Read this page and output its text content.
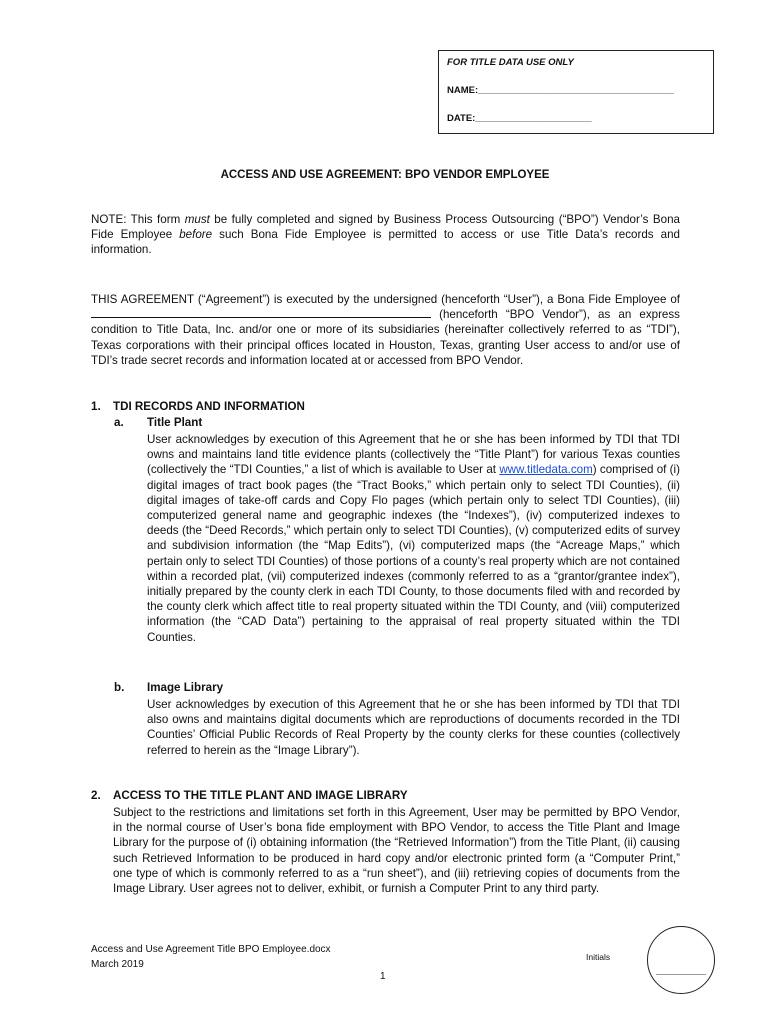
FOR TITLE DATA USE ONLY
NAME:_____________________________________
DATE:______________________
ACCESS AND USE AGREEMENT: BPO VENDOR EMPLOYEE
NOTE: This form must be fully completed and signed by Business Process Outsourcing (“BPO”) Vendor’s Bona Fide Employee before such Bona Fide Employee is permitted to access or use Title Data’s records and information.
THIS AGREEMENT (“Agreement”) is executed by the undersigned (henceforth “User”), a Bona Fide Employee of  (henceforth “BPO Vendor”), as an express condition to Title Data, Inc. and/or one or more of its subsidiaries (hereinafter collectively referred to as “TDI”), Texas corporations with their principal offices located in Houston, Texas, granting User access to and/or use of TDI’s trade secret records and information located at or accessed from BPO Vendor.
1. TDI RECORDS AND INFORMATION
a. Title Plant
User acknowledges by execution of this Agreement that he or she has been informed by TDI that TDI owns and maintains land title evidence plants (collectively the “Title Plant”) for various Texas counties (collectively the “TDI Counties,” a list of which is available to User at www.titledata.com) comprised of (i) digital images of tract book pages (the “Tract Books,” which pertain only to select TDI Counties), (ii) digital images of take-off cards and Copy Flo pages (which pertain only to select TDI Counties), (iii) computerized general name and geographic indexes (the “Indexes”), (iv) computerized indexes to deeds (the “Deed Records,” which pertain only to select TDI Counties), (v) computerized edits of survey and subdivision information (the “Map Edits”), (vi) computerized maps (the “Acreage Maps,” which pertain only to select TDI Counties) of those portions of a county’s real property which are not contained within a recorded plat, (vii) computerized indexes (commonly referred to as a “grantor/grantee index”), initially prepared by the county clerk in each TDI County, to those documents filed with and recorded by the county clerk which affect title to real property situated within the TDI County, and (viii) computerized information (the “CAD Data”) pertaining to the appraisal of real property situated within the TDI Counties.
b. Image Library
User acknowledges by execution of this Agreement that he or she has been informed by TDI that TDI also owns and maintains digital documents which are reproductions of documents recorded in the TDI Counties’ Official Public Records of Real Property by the county clerks for these counties (collectively referred to herein as the “Image Library”).
2. ACCESS TO THE TITLE PLANT AND IMAGE LIBRARY
Subject to the restrictions and limitations set forth in this Agreement, User may be permitted by BPO Vendor, in the normal course of User’s bona fide employment with BPO Vendor, to access the Title Plant and Image Library for the purpose of (i) obtaining information (the “Retrieved Information”) from the Title Plant, (ii) causing such Retrieved Information to be produced in hard copy and/or electronic printed form (a “Computer Print,” one type of which is commonly referred to as a “run sheet”), and (iii) retrieving copies of documents from the Image Library. User agrees not to deliver, exhibit, or furnish a Computer Print to any third party.
Access and Use Agreement Title BPO Employee.docx
March 2019
Initials
1
